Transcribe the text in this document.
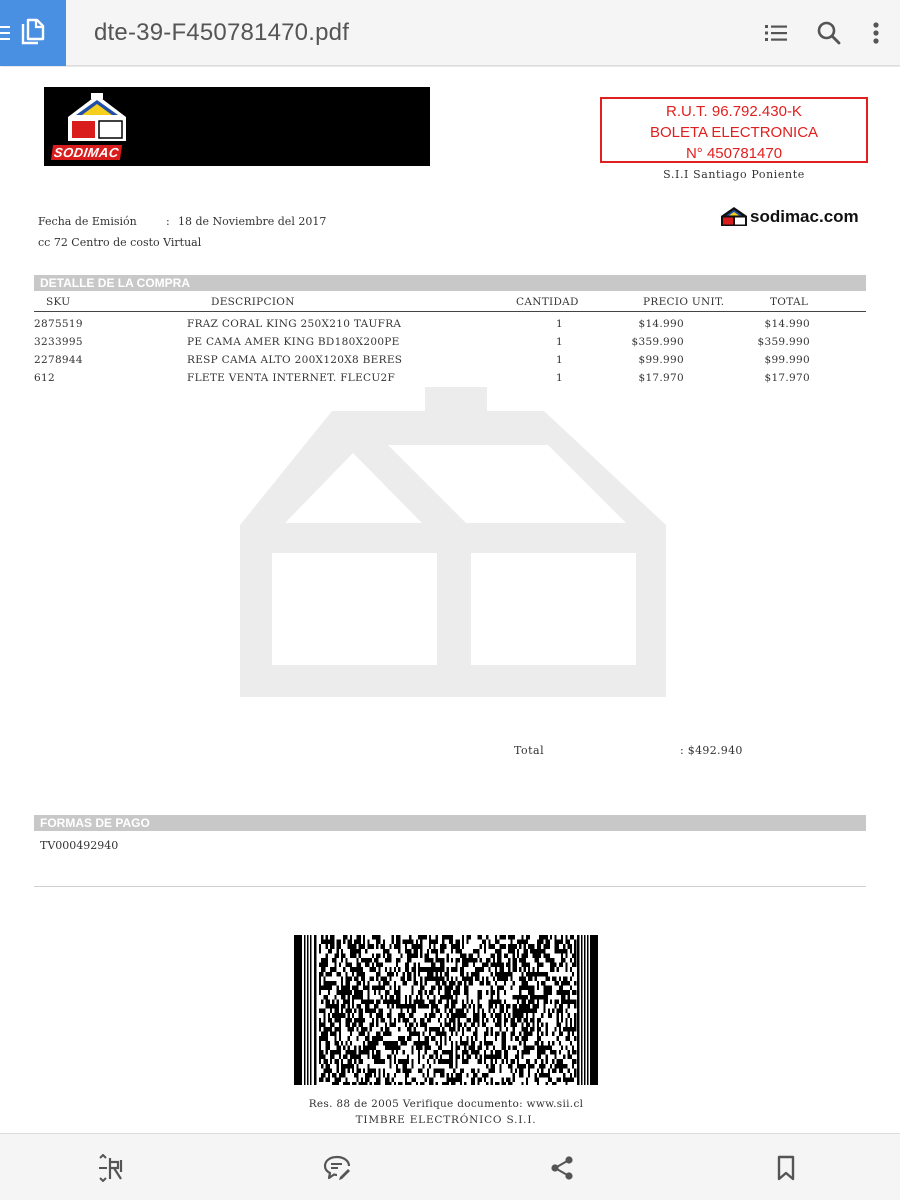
dte-39-F450781470.pdf
SODIMAC
R.U.T. 96.792.430-K
BOLETA ELECTRONICA
N° 450781470
S.I.I Santiago Poniente
Fecha de Emisión	: 18 de Noviembre del 2017
cc 72 Centro de costo Virtual
sodimac.com
DETALLE DE LA COMPRA
SKU	DESCRIPCION	CANTIDAD	PRECIO UNIT.	TOTAL
2875519	FRAZ CORAL KING 250X210 TAUFRA	1	$14.990	$14.990
3233995	PE CAMA AMER KING BD180X200PE	1	$359.990	$359.990
2278944	RESP CAMA ALTO 200X120X8 BERES	1	$99.990	$99.990
612	FLETE VENTA INTERNET. FLECU2F	1	$17.970	$17.970
Total	: $492.940
FORMAS DE PAGO
TV000492940
Res. 88 de 2005 Verifique documento: www.sii.cl
TIMBRE ELECTRÓNICO S.I.I.
